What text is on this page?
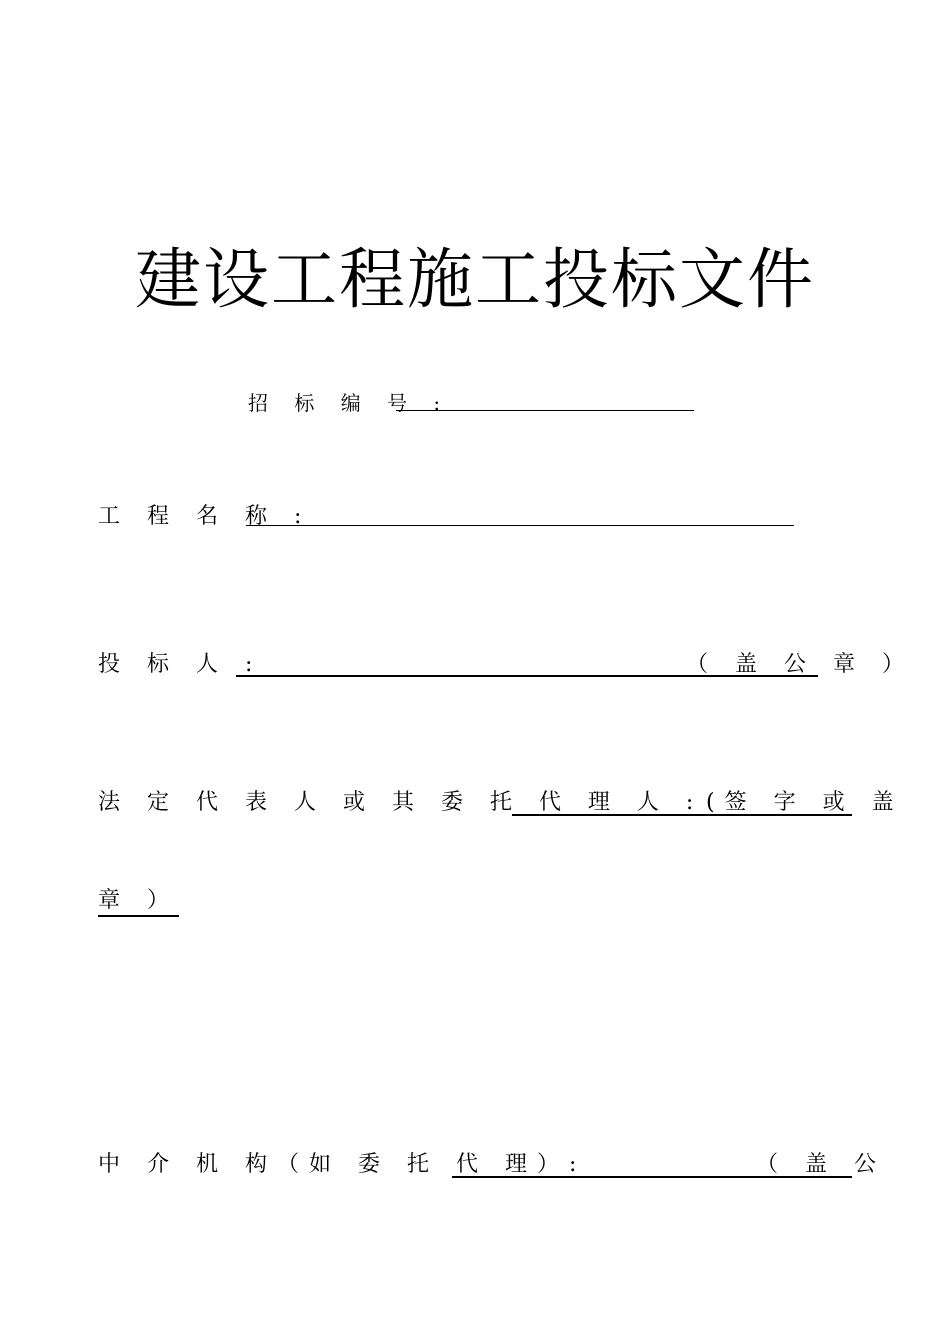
建设工程施工投标文件
招 标 编 号 :
工 程 名 称 :
投 标 人 :	（ 盖 公 章 ）
法 定 代 表 人 或 其 委 托 代 理 人 : (签 字 或 盖
章 ）
中 介 机 构（如 委 托 代 理）:	（ 盖 公
